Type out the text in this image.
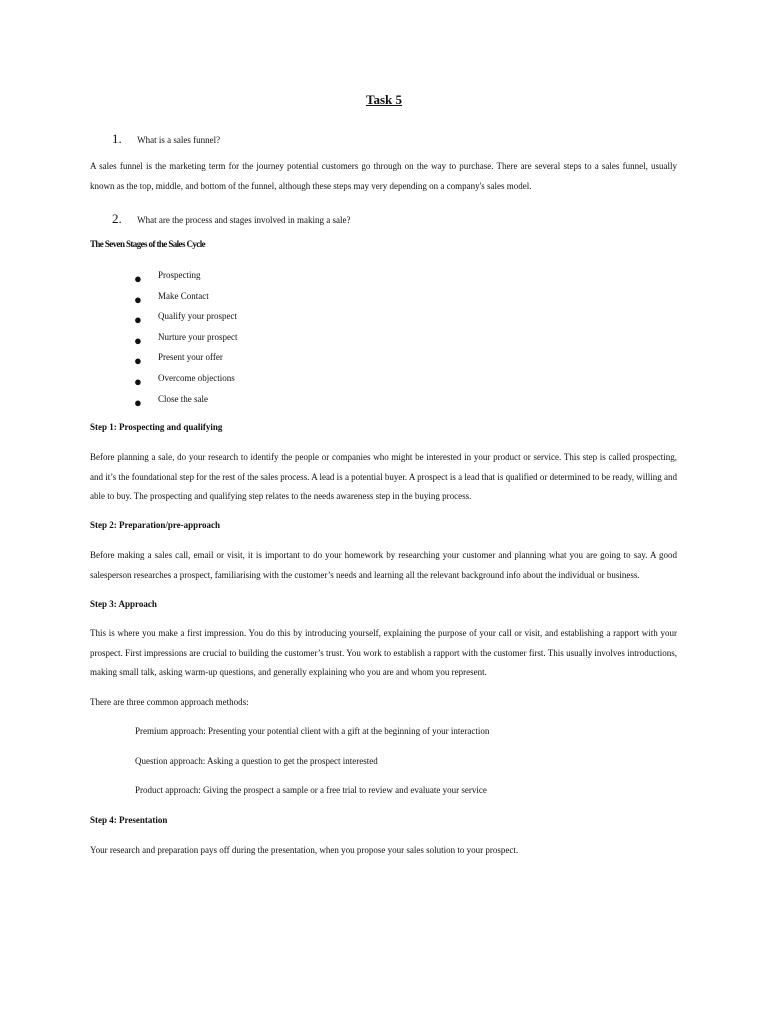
Task 5
1. What is a sales funnel?
A sales funnel is the marketing term for the journey potential customers go through on the way to purchase. There are several steps to a sales funnel, usually known as the top, middle, and bottom of the funnel, although these steps may very depending on a company's sales model.
2. What are the process and stages involved in making a sale?
The Seven Stages of the Sales Cycle
● Prospecting
● Make Contact
● Qualify your prospect
● Nurture your prospect
● Present your offer
● Overcome objections
● Close the sale
Step 1: Prospecting and qualifying
Before planning a sale, do your research to identify the people or companies who might be interested in your product or service. This step is called prospecting, and it’s the foundational step for the rest of the sales process. A lead is a potential buyer. A prospect is a lead that is qualified or determined to be ready, willing and able to buy. The prospecting and qualifying step relates to the needs awareness step in the buying process.
Step 2: Preparation/pre-approach
Before making a sales call, email or visit, it is important to do your homework by researching your customer and planning what you are going to say. A good salesperson researches a prospect, familiarising with the customer’s needs and learning all the relevant background info about the individual or business.
Step 3: Approach
This is where you make a first impression. You do this by introducing yourself, explaining the purpose of your call or visit, and establishing a rapport with your prospect. First impressions are crucial to building the customer’s trust. You work to establish a rapport with the customer first. This usually involves introductions, making small talk, asking warm-up questions, and generally explaining who you are and whom you represent.
There are three common approach methods:
Premium approach: Presenting your potential client with a gift at the beginning of your interaction
Question approach: Asking a question to get the prospect interested
Product approach: Giving the prospect a sample or a free trial to review and evaluate your service
Step 4: Presentation
Your research and preparation pays off during the presentation, when you propose your sales solution to your prospect.
